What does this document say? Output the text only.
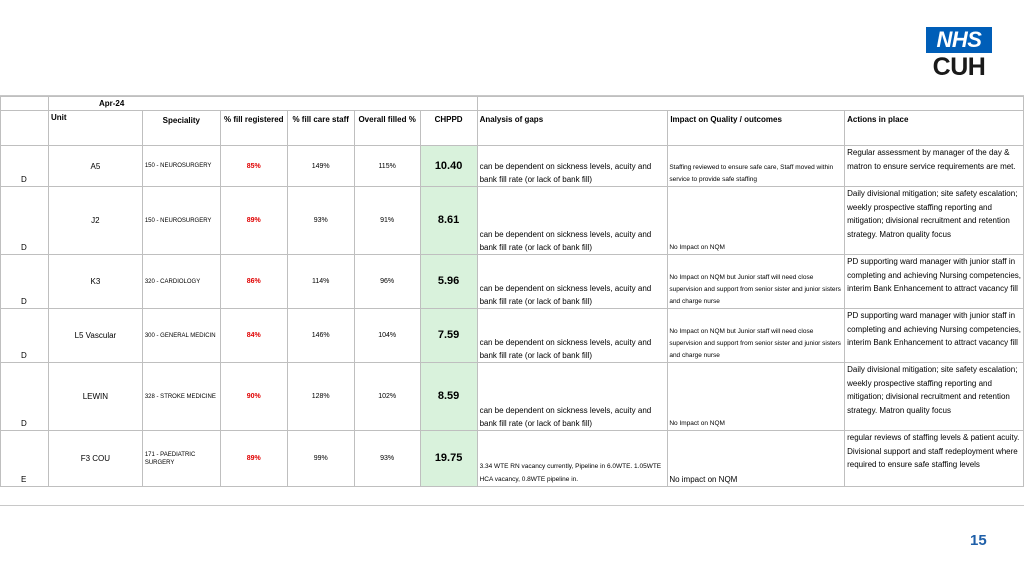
NHS
CUH
	Apr-24								
	Unit	Speciality	% fill registered	% fill care staff	Overall filled %	CHPPD	Analysis of gaps	Impact on Quality / outcomes	Actions in place
D	A5	150 - NEUROSURGERY	85%	149%	115%	10.40	can be dependent on sickness levels, acuity and bank fill rate (or lack of bank fill)	Staffing reviewed to ensure safe care, Staff moved within service to provide safe staffing	Regular assessment by manager of the day & matron to ensure service requirements are met.
D	J2	150 - NEUROSURGERY	89%	93%	91%	8.61	can be dependent on sickness levels, acuity and bank fill rate (or lack of bank fill)	No Impact on NQM	Daily divisional mitigation; site safety escalation; weekly prospective staffing reporting and mitigation; divisional recruitment and retention strategy. Matron quality focus
D	K3	320 - CARDIOLOGY	86%	114%	96%	5.96	can be dependent on sickness levels, acuity and bank fill rate (or lack of bank fill)	No Impact on NQM but Junior staff will need close supervision and support from senior sister and junior sisters and charge nurse	PD supporting ward manager with junior staff in completing and achieving Nursing competencies, interim Bank Enhancement to attract vacancy fill
D	L5 Vascular	300 - GENERAL MEDICIN	84%	146%	104%	7.59	can be dependent on sickness levels, acuity and bank fill rate (or lack of bank fill)	No Impact on NQM but Junior staff will need close supervision and support from senior sister and junior sisters and charge nurse	PD supporting ward manager with junior staff in completing and achieving Nursing competencies, interim Bank Enhancement to attract vacancy fill
D	LEWIN	328 - STROKE MEDICINE	90%	128%	102%	8.59	can be dependent on sickness levels, acuity and bank fill rate (or lack of bank fill)	No Impact on NQM	Daily divisional mitigation; site safety escalation; weekly prospective staffing reporting and mitigation; divisional recruitment and retention strategy. Matron quality focus
E	F3 COU	171 - PAEDIATRIC SURGERY	89%	99%	93%	19.75	3.34 WTE RN vacancy currently, Pipeline in 6.0WTE. 1.05WTE HCA vacancy, 0.8WTE pipeline in.	No impact on NQM	regular reviews of staffing levels & patient acuity. Divisional support and staff redeployment where required to ensure safe staffing levels
15
